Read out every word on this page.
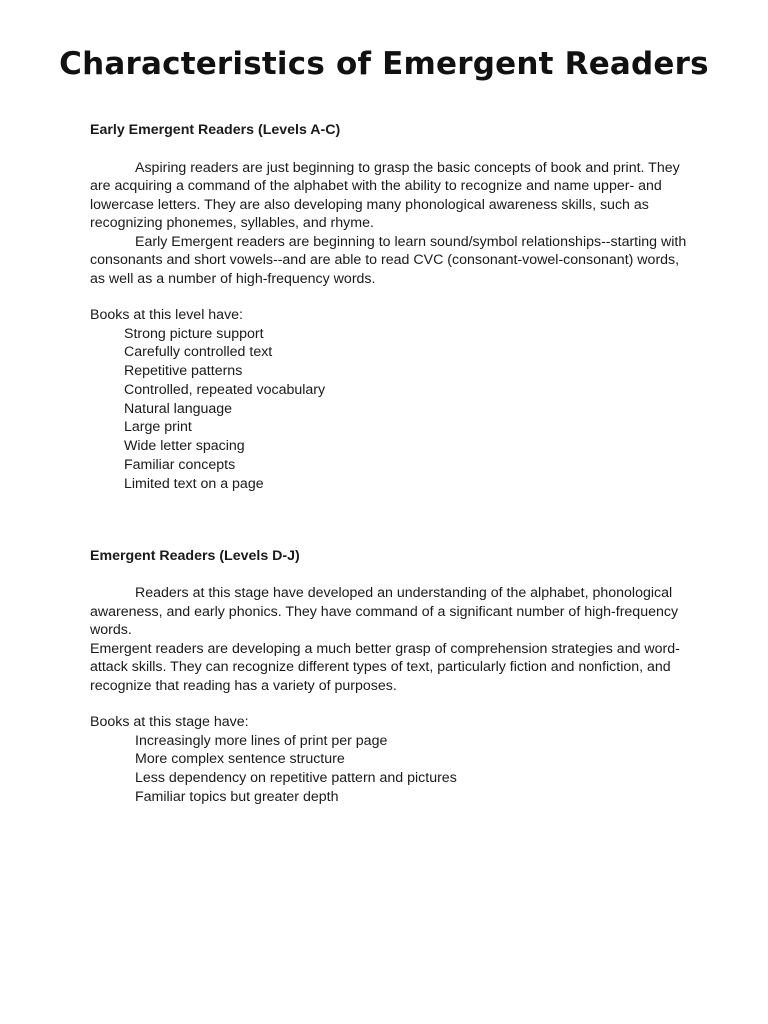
Characteristics of Emergent Readers
Early Emergent Readers (Levels A-C)

Aspiring readers are just beginning to grasp the basic concepts of book and print. They are acquiring a command of the alphabet with the ability to recognize and name upper- and lowercase letters. They are also developing many phonological awareness skills, such as recognizing phonemes, syllables, and rhyme.

Early Emergent readers are beginning to learn sound/symbol relationships--starting with consonants and short vowels--and are able to read CVC (consonant-vowel-consonant) words, as well as a number of high-frequency words.

Books at this level have:

Strong picture support
Carefully controlled text
Repetitive patterns
Controlled, repeated vocabulary
Natural language
Large print
Wide letter spacing
Familiar concepts
Limited text on a page
Emergent Readers (Levels D-J)

Readers at this stage have developed an understanding of the alphabet, phonological awareness, and early phonics. They have command of a significant number of high-frequency words.

Emergent readers are developing a much better grasp of comprehension strategies and word-attack skills. They can recognize different types of text, particularly fiction and nonfiction, and recognize that reading has a variety of purposes.

Books at this stage have:

Increasingly more lines of print per page
More complex sentence structure
Less dependency on repetitive pattern and pictures
Familiar topics but greater depth
